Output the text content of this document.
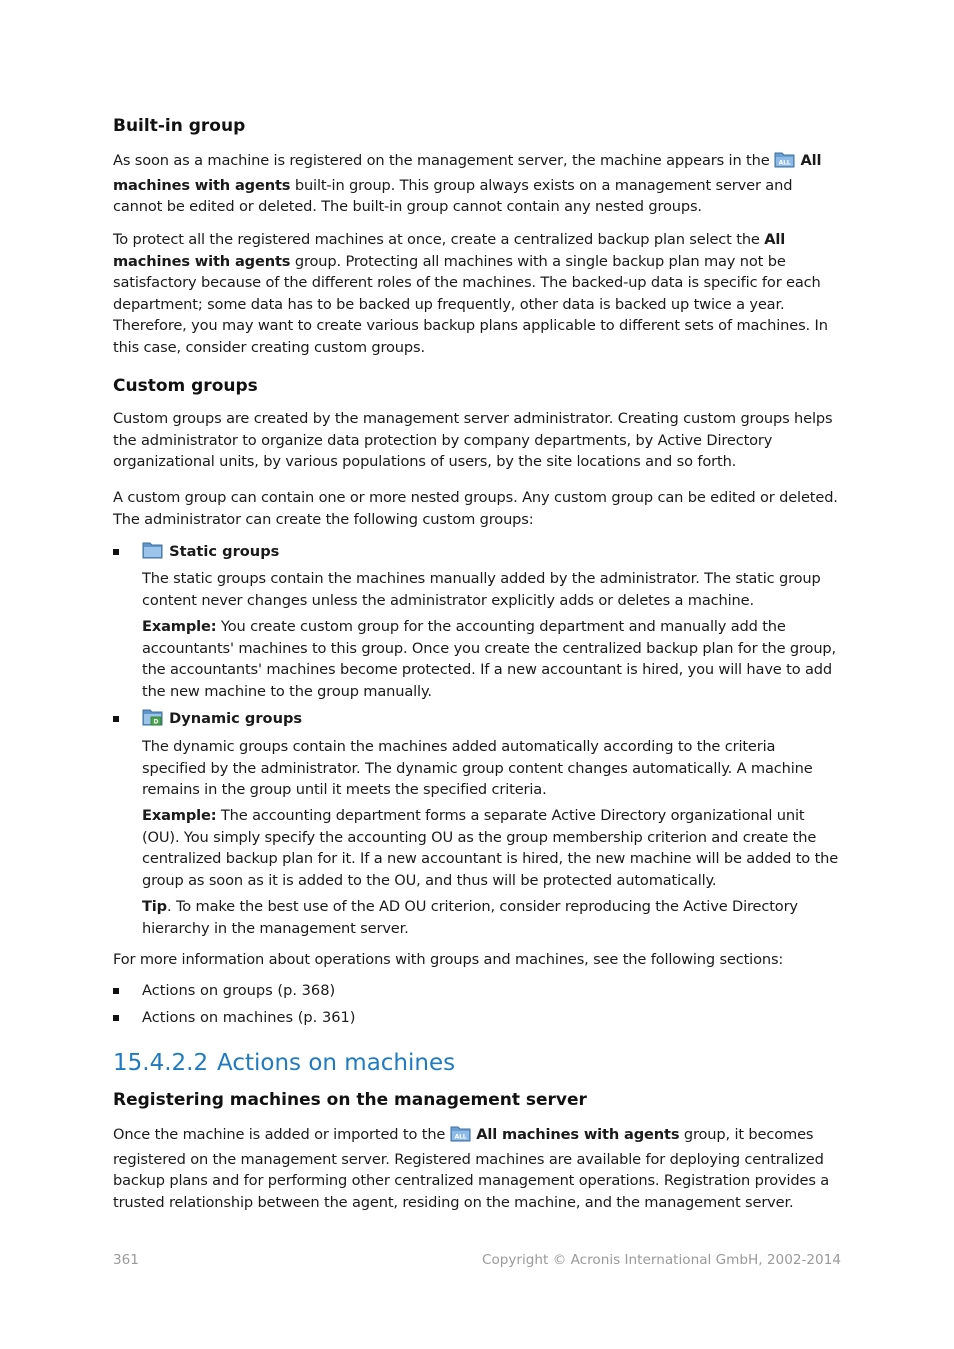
Built-in group

As soon as a machine is registered on the management server, the machine appears in the ALL All machines with agents built-in group. This group always exists on a management server and cannot be edited or deleted. The built-in group cannot contain any nested groups.

To protect all the registered machines at once, create a centralized backup plan select the All machines with agents group. Protecting all machines with a single backup plan may not be satisfactory because of the different roles of the machines. The backed-up data is specific for each department; some data has to be backed up frequently, other data is backed up twice a year. Therefore, you may want to create various backup plans applicable to different sets of machines. In this case, consider creating custom groups.

Custom groups

Custom groups are created by the management server administrator. Creating custom groups helps the administrator to organize data protection by company departments, by Active Directory organizational units, by various populations of users, by the site locations and so forth.

A custom group can contain one or more nested groups. Any custom group can be edited or deleted. The administrator can create the following custom groups:

Static groups

The static groups contain the machines manually added by the administrator. The static group content never changes unless the administrator explicitly adds or deletes a machine.

Example: You create custom group for the accounting department and manually add the accountants' machines to this group. Once you create the centralized backup plan for the group, the accountants' machines become protected. If a new accountant is hired, you will have to add the new machine to the group manually.

D Dynamic groups

The dynamic groups contain the machines added automatically according to the criteria specified by the administrator. The dynamic group content changes automatically. A machine remains in the group until it meets the specified criteria.

Example: The accounting department forms a separate Active Directory organizational unit (OU). You simply specify the accounting OU as the group membership criterion and create the centralized backup plan for it. If a new accountant is hired, the new machine will be added to the group as soon as it is added to the OU, and thus will be protected automatically.

Tip. To make the best use of the AD OU criterion, consider reproducing the Active Directory hierarchy in the management server.

For more information about operations with groups and machines, see the following sections:

Actions on groups (p. 368)
Actions on machines (p. 361)
15.4.2.2 Actions on machines
Registering machines on the management server

Once the machine is added or imported to the ALL All machines with agents group, it becomes registered on the management server. Registered machines are available for deploying centralized backup plans and for performing other centralized management operations. Registration provides a trusted relationship between the agent, residing on the machine, and the management server.

361	Copyright © Acronis International GmbH, 2002-2014
